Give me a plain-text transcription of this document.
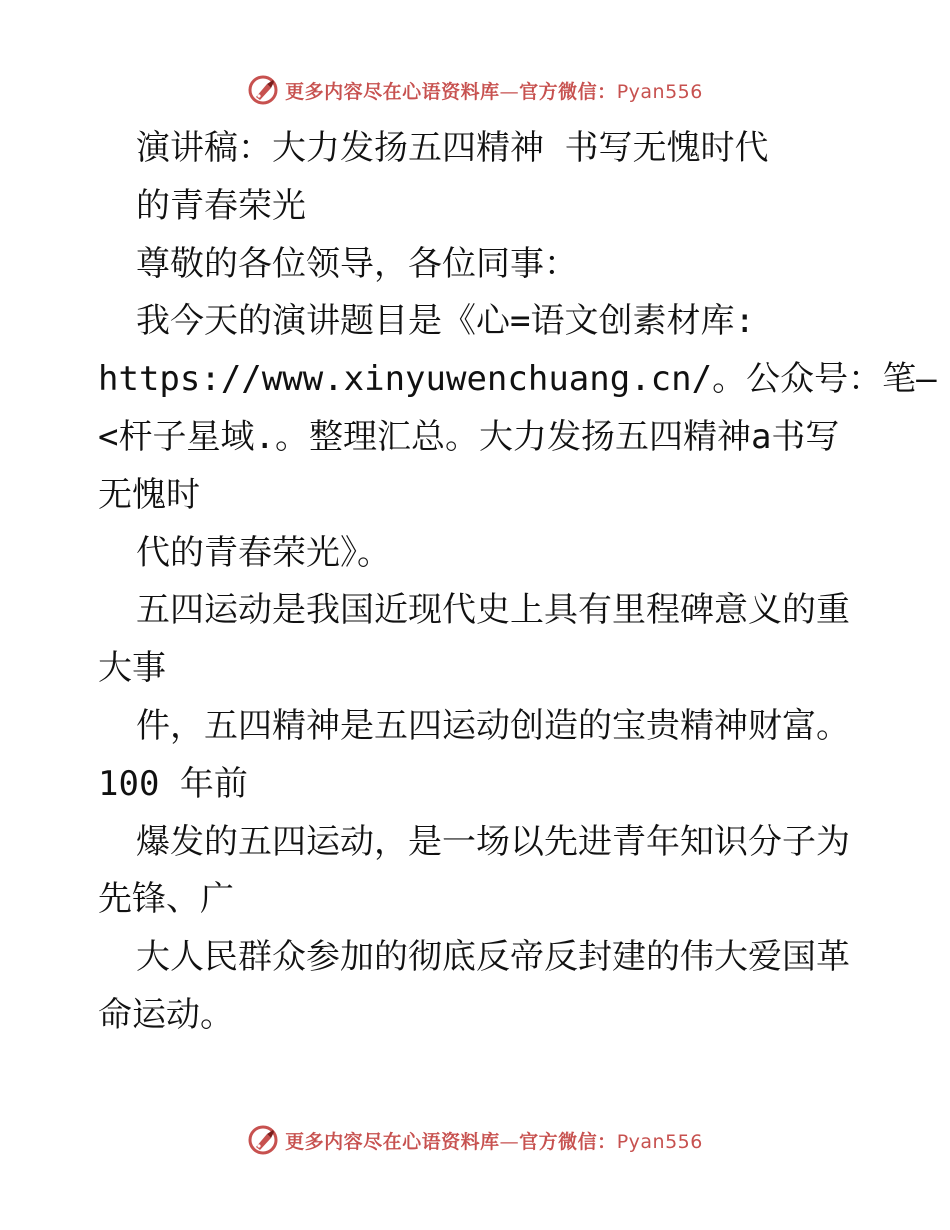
更多内容尽在心语资料库—官方微信：Pyan556
演讲稿：大力发扬五四精神 书写无愧时代
的青春荣光
尊敬的各位领导，各位同事：
我今天的演讲题目是《心=语文创素材库:
https://www.xinyuwenchuang.cn/。公众号：笔—
<杆子星域.。整理汇总。大力发扬五四精神a书写
无愧时
代的青春荣光》。
五四运动是我国近现代史上具有里程碑意义的重
大事
件，五四精神是五四运动创造的宝贵精神财富。
100 年前
爆发的五四运动，是一场以先进青年知识分子为
先锋、广
大人民群众参加的彻底反帝反封建的伟大爱国革
命运动。
更多内容尽在心语资料库—官方微信：Pyan556
